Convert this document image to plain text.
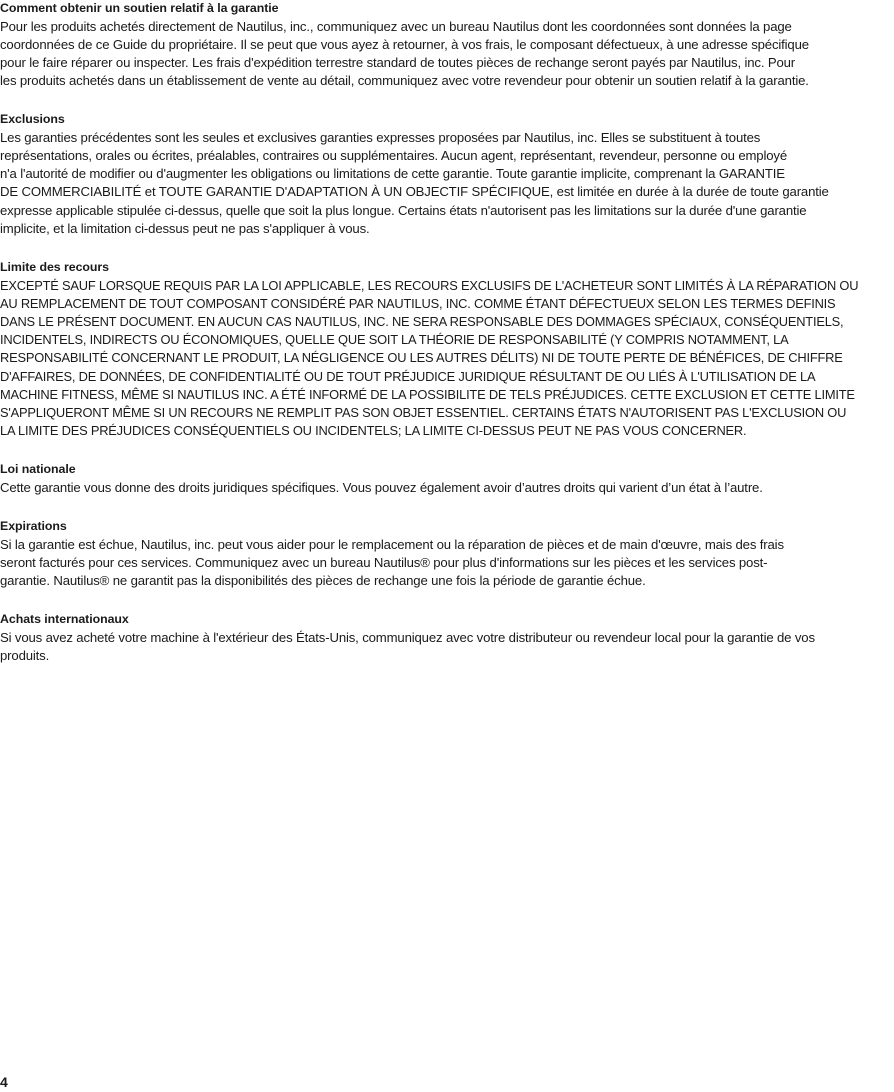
Comment obtenir un soutien relatif à la garantie

Pour les produits achetés directement de Nautilus, inc., communiquez avec un bureau Nautilus dont les coordonnées sont données la page
coordonnées de ce Guide du propriétaire. Il se peut que vous ayez à retourner, à vos frais, le composant défectueux, à une adresse spécifique
pour le faire réparer ou inspecter. Les frais d'expédition terrestre standard de toutes pièces de rechange seront payés par Nautilus, inc. Pour
les produits achetés dans un établissement de vente au détail, communiquez avec votre revendeur pour obtenir un soutien relatif à la garantie.

Exclusions

Les garanties précédentes sont les seules et exclusives garanties expresses proposées par Nautilus, inc. Elles se substituent à toutes
représentations, orales ou écrites, préalables, contraires ou supplémentaires. Aucun agent, représentant, revendeur, personne ou employé
n'a l'autorité de modifier ou d'augmenter les obligations ou limitations de cette garantie. Toute garantie implicite, comprenant la GARANTIE
DE COMMERCIABILITÉ et TOUTE GARANTIE D'ADAPTATION À UN OBJECTIF SPÉCIFIQUE, est limitée en durée à la durée de toute garantie
expresse applicable stipulée ci-dessus, quelle que soit la plus longue. Certains états n'autorisent pas les limitations sur la durée d'une garantie
implicite, et la limitation ci-dessus peut ne pas s'appliquer à vous.

Limite des recours

EXCEPTÉ SAUF LORSQUE REQUIS PAR LA LOI APPLICABLE, LES RECOURS EXCLUSIFS DE L'ACHETEUR SONT LIMITÉS À LA RÉPARATION OU
AU REMPLACEMENT DE TOUT COMPOSANT CONSIDÉRÉ PAR NAUTILUS, INC. COMME ÉTANT DÉFECTUEUX SELON LES TERMES DEFINIS
DANS LE PRÉSENT DOCUMENT. EN AUCUN CAS NAUTILUS, INC. NE SERA RESPONSABLE DES DOMMAGES SPÉCIAUX, CONSÉQUENTIELS,
INCIDENTELS, INDIRECTS OU ÉCONOMIQUES, QUELLE QUE SOIT LA THÉORIE DE RESPONSABILITÉ (Y COMPRIS NOTAMMENT, LA
RESPONSABILITÉ CONCERNANT LE PRODUIT, LA NÉGLIGENCE OU LES AUTRES DÉLITS) NI DE TOUTE PERTE DE BÉNÉFICES, DE CHIFFRE
D'AFFAIRES, DE DONNÉES, DE CONFIDENTIALITÉ OU DE TOUT PRÉJUDICE JURIDIQUE RÉSULTANT DE OU LIÉS À L'UTILISATION DE LA
MACHINE FITNESS, MÊME SI NAUTILUS INC. A ÉTÉ INFORMÉ DE LA POSSIBILITE DE TELS PRÉJUDICES. CETTE EXCLUSION ET CETTE LIMITE
S'APPLIQUERONT MÊME SI UN RECOURS NE REMPLIT PAS SON OBJET ESSENTIEL. CERTAINS ÉTATS N'AUTORISENT PAS L'EXCLUSION OU
LA LIMITE DES PRÉJUDICES CONSÉQUENTIELS OU INCIDENTELS; LA LIMITE CI-DESSUS PEUT NE PAS VOUS CONCERNER.

Loi nationale

Cette garantie vous donne des droits juridiques spécifiques. Vous pouvez également avoir d’autres droits qui varient d’un état à l’autre.

Expirations

Si la garantie est échue, Nautilus, inc. peut vous aider pour le remplacement ou la réparation de pièces et de main d'œuvre, mais des frais
seront facturés pour ces services. Communiquez avec un bureau Nautilus® pour plus d'informations sur les pièces et les services post-
garantie. Nautilus® ne garantit pas la disponibilités des pièces de rechange une fois la période de garantie échue.

Achats internationaux

Si vous avez acheté votre machine à l'extérieur des États-Unis, communiquez avec votre distributeur ou revendeur local pour la garantie de vos
produits.

4
